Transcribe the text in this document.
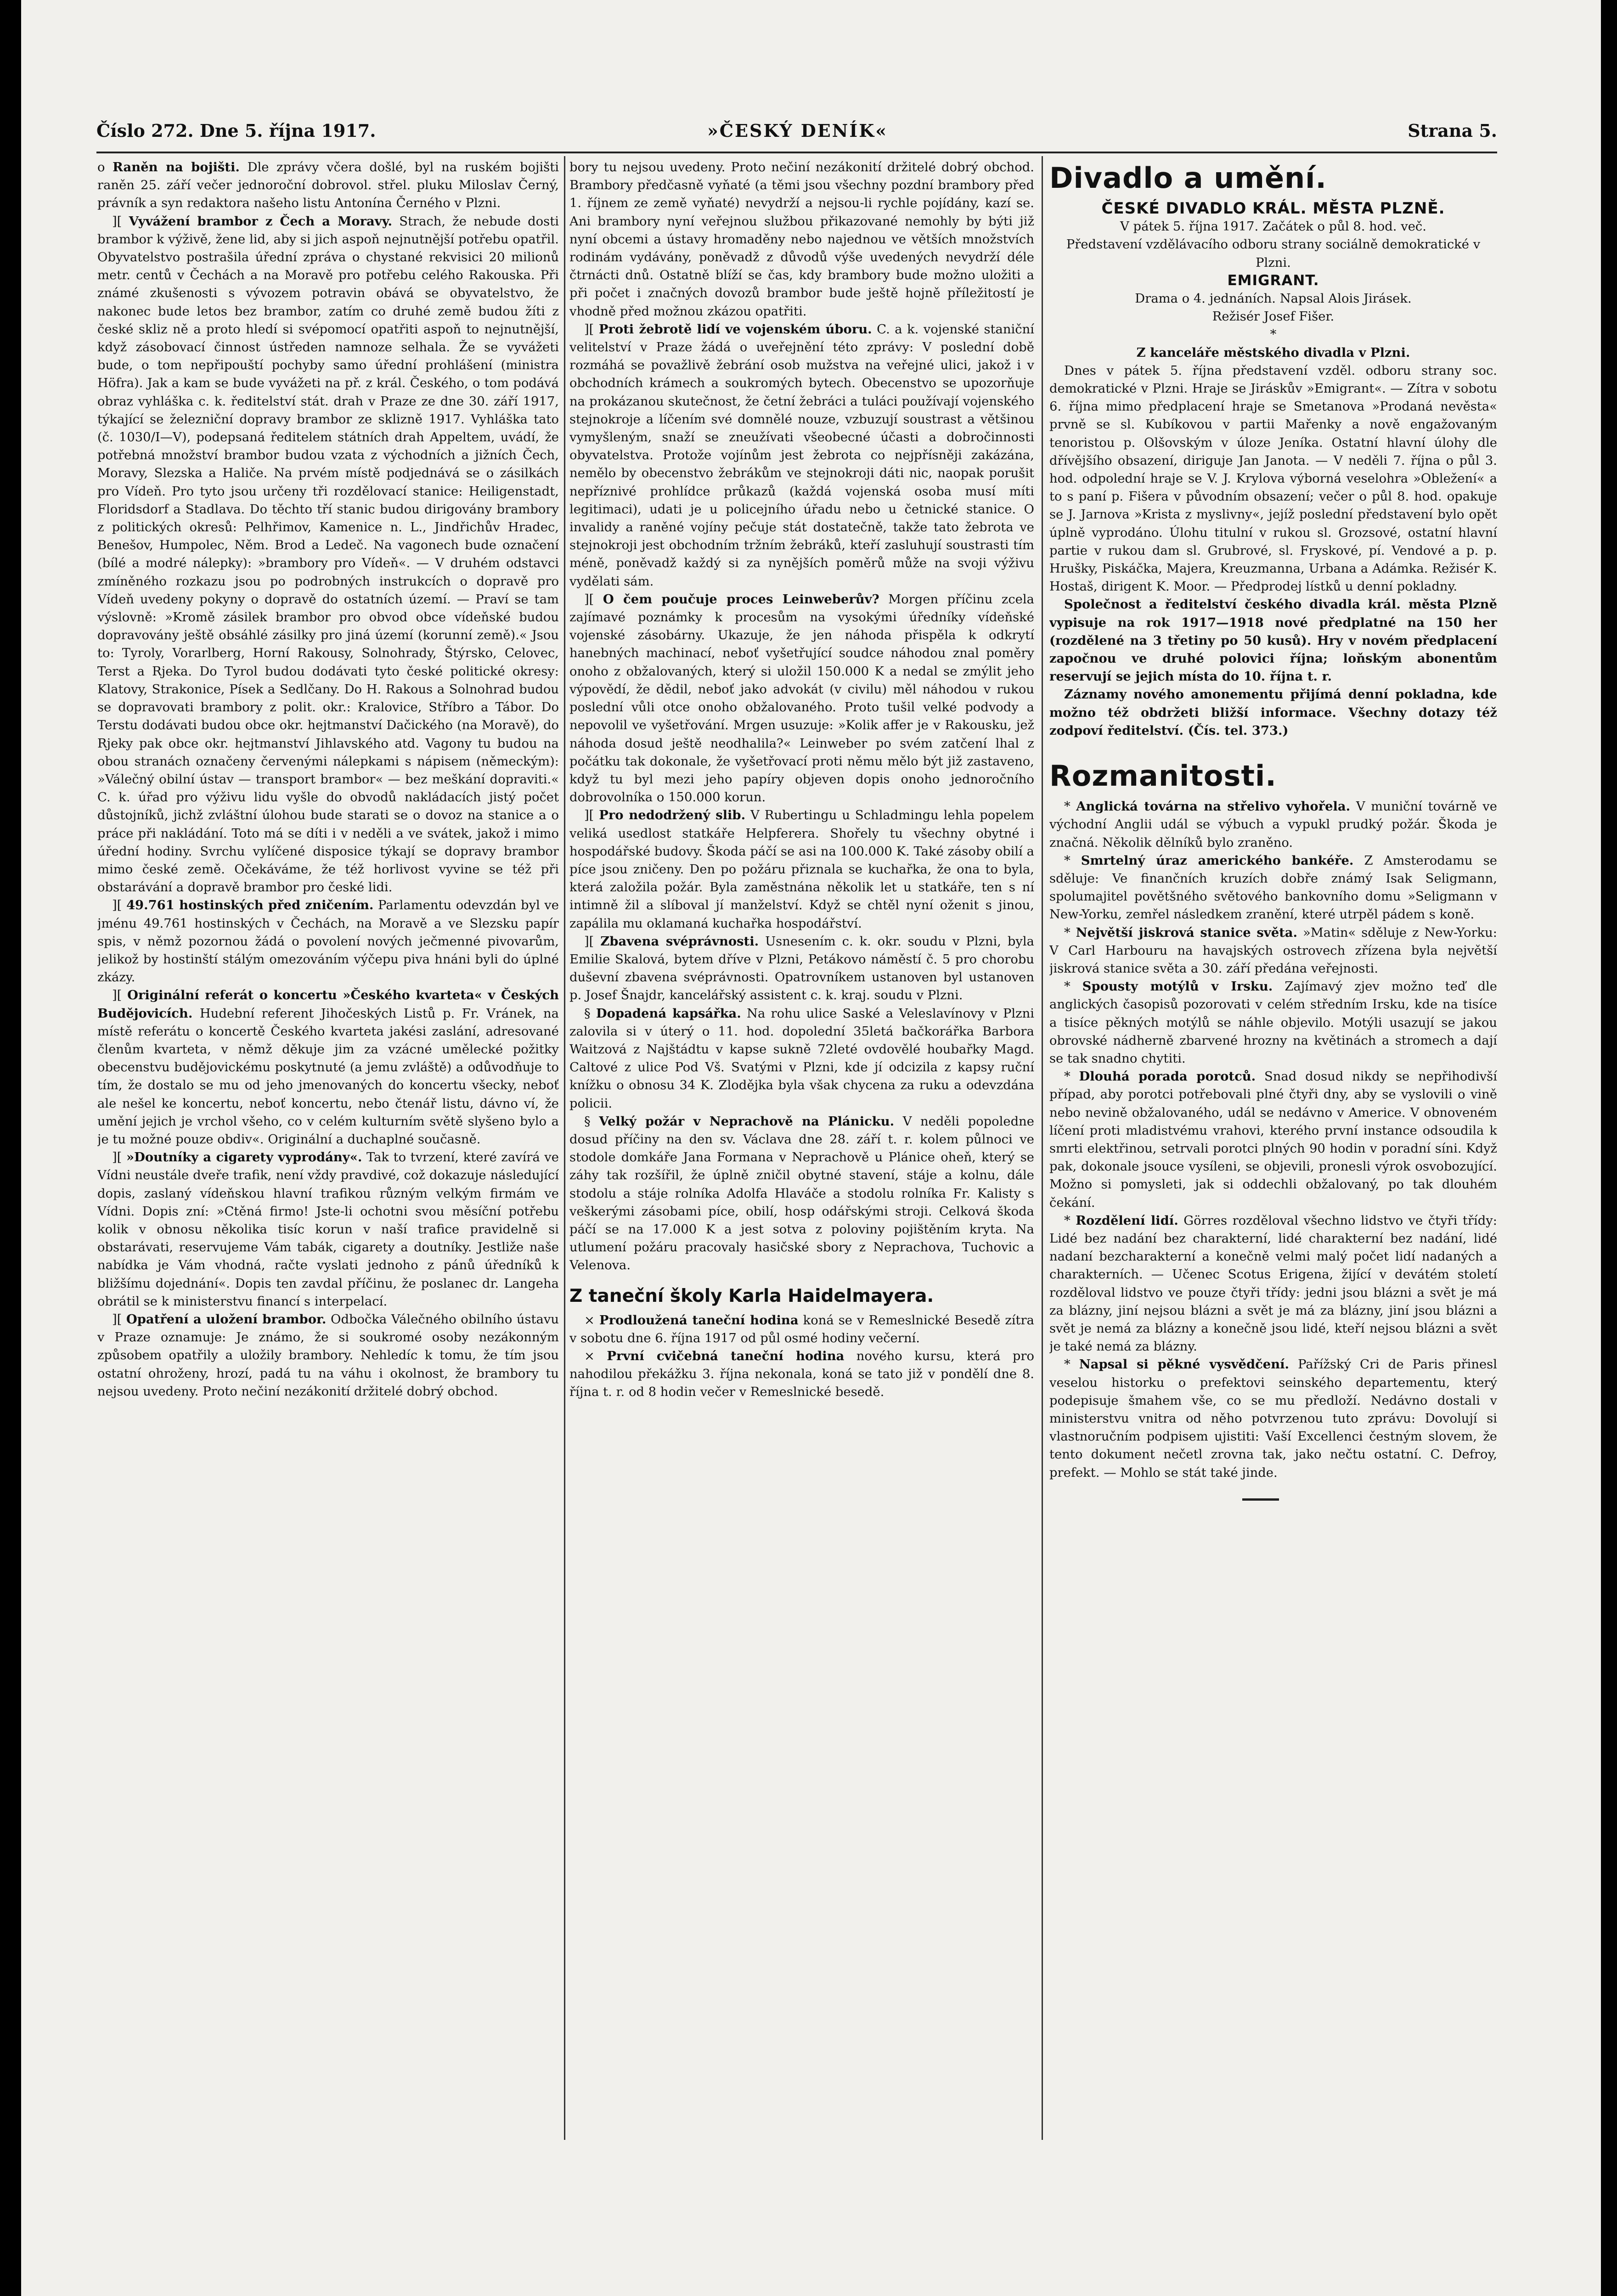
Číslo 272. Dne 5. října 1917.	»ČESKÝ DENÍK«	Strana 5.

o Raněn na bojišti. Dle zprávy včera došlé, byl na ruském bojišti raněn 25. září večer jednoroční dobrovol. střel. pluku Miloslav Černý, právník a syn redaktora našeho listu Antonína Černého v Plzni.

][ Vyvážení brambor z Čech a Moravy. Strach, že nebude dosti brambor k výživě, žene lid, aby si jich aspoň nejnutnější potřebu opatřil. Obyvatelstvo postrašila úřední zpráva o chystané rekvisici 20 milionů metr. centů v Čechách a na Moravě pro potřebu celého Rakouska. Při známé zkušenosti s vývozem potravin obává se obyvatelstvo, že nakonec bude letos bez brambor, zatím co druhé země budou žíti z české skliz ně a proto hledí si svépomocí opatřiti aspoň to nejnutnější, když zásobovací činnost ústředen namnoze selhala. Že se vyvážeti bude, o tom nepřipouští pochyby samo úřední prohlášení (ministra Höfra). Jak a kam se bude vyvážeti na př. z král. Českého, o tom podává obraz vyhláška c. k. ředitelství stát. drah v Praze ze dne 30. září 1917, týkající se železniční dopravy brambor ze sklizně 1917. Vyhláška tato (č. 1030/I—V), podepsaná ředitelem státních drah Appeltem, uvádí, že potřebná množství brambor budou vzata z východních a jižních Čech, Moravy, Slezska a Haliče. Na prvém místě podjednává se o zásilkách pro Vídeň. Pro tyto jsou určeny tři rozdělovací stanice: Heiligenstadt, Floridsdorf a Stadlava. Do těchto tří stanic budou dirigovány brambory z politických okresů: Pelhřimov, Kamenice n. L., Jindřichův Hradec, Benešov, Humpolec, Něm. Brod a Ledeč. Na vagonech bude označení (bílé a modré nálepky): »brambory pro Vídeň«. — V druhém odstavci zmíněného rozkazu jsou po podrobných instrukcích o dopravě pro Vídeň uvedeny pokyny o dopravě do ostatních území. — Praví se tam výslovně: »Kromě zásilek brambor pro obvod obce vídeňské budou dopravovány ještě obsáhlé zásilky pro jiná území (korunní země).« Jsou to: Tyroly, Vorarlberg, Horní Rakousy, Solnohrady, Štýrsko, Celovec, Terst a Rjeka. Do Tyrol budou dodávati tyto české politické okresy: Klatovy, Strakonice, Písek a Sedlčany. Do H. Rakous a Solnohrad budou se dopravovati brambory z polit. okr.: Kralovice, Stříbro a Tábor. Do Terstu dodávati budou obce okr. hejtmanství Dačického (na Moravě), do Rjeky pak obce okr. hejtmanství Jihlavského atd. Vagony tu budou na obou stranách označeny červenými nálepkami s nápisem (německým): »Válečný obilní ústav — transport brambor« — bez meškání dopraviti.« C. k. úřad pro výživu lidu vyšle do obvodů nakládacích jistý počet důstojníků, jichž zvláštní úlohou bude starati se o dovoz na stanice a o práce při nakládání. Toto má se díti i v neděli a ve svátek, jakož i mimo úřední hodiny. Svrchu vylíčené disposice týkají se dopravy brambor mimo české země. Očekáváme, že též horlivost vyvine se též při obstarávání a dopravě brambor pro české lidi.

][ 49.761 hostinských před zničením. Parlamentu odevzdán byl ve jménu 49.761 hostinských v Čechách, na Moravě a ve Slezsku papír spis, v němž pozornou žádá o povolení nových ječmenné pivovarům, jelikož by hostinští stálým omezováním výčepu piva hnáni byli do úplné zkázy.

][ Originální referát o koncertu »Českého kvarteta« v Českých Budějovicích. Hudební referent Jihočeských Listů p. Fr. Vránek, na místě referátu o koncertě Českého kvarteta jakési zaslání, adresované členům kvarteta, v němž děkuje jim za vzácné umělecké požitky obecenstvu budějovickému poskytnuté (a jemu zvláště) a odůvodňuje to tím, že dostalo se mu od jeho jmenovaných do koncertu všecky, neboť ale nešel ke koncertu, neboť koncertu, nebo čtenář listu, dávno ví, že umění jejich je vrchol všeho, co v celém kulturním světě slyšeno bylo a je tu možné pouze obdiv«. Originální a duchaplné současně.

][ »Doutníky a cigarety vyprodány«. Tak to tvrzení, které zavírá ve Vídni neustále dveře trafik, není vždy pravdivé, což dokazuje následující dopis, zaslaný vídeňskou hlavní trafikou různým velkým firmám ve Vídni. Dopis zní: »Ctěná firmo! Jste-li ochotni svou měsíční potřebu kolik v obnosu několika tisíc korun v naší trafice pravidelně si obstarávati, reservujeme Vám tabák, cigarety a doutníky. Jestliže naše nabídka je Vám vhodná, račte vyslati jednoho z pánů úředníků k bližšímu dojednání«. Dopis ten zavdal příčinu, že poslanec dr. Langeha obrátil se k ministerstvu financí s interpelací.

][ Opatření a uložení brambor. Odbočka Válečného obilního ústavu v Praze oznamuje: Je známo, že si soukromé osoby nezákonným způsobem opatřily a uložily brambory. Nehledíc k tomu, že tím jsou ostatní ohroženy, hrozí, padá tu na váhu i okolnost, že brambory tu nejsou uvedeny. Proto nečiní nezákonití držitelé dobrý obchod.

bory tu nejsou uvedeny. Proto nečiní nezákonití držitelé dobrý obchod. Brambory předčasně vyňaté (a těmi jsou všechny pozdní brambory před 1. říjnem ze země vyňaté) nevydrží a nejsou-li rychle pojídány, kazí se. Ani brambory nyní veřejnou službou přikazované nemohly by býti již nyní obcemi a ústavy hromaděny nebo najednou ve větších množstvích rodinám vydávány, poněvadž z důvodů výše uvedených nevydrží déle čtrnácti dnů. Ostatně blíží se čas, kdy brambory bude možno uložiti a při počet i značných dovozů brambor bude ještě hojně příležitostí je vhodně před možnou zkázou opatřiti.

][ Proti žebrotě lidí ve vojenském úboru. C. a k. vojenské staniční velitelství v Praze žádá o uveřejnění této zprávy: V poslední době rozmáhá se považlivě žebrání osob mužstva na veřejné ulici, jakož i v obchodních krámech a soukromých bytech. Obecenstvo se upozorňuje na prokázanou skutečnost, že četní žebráci a tuláci používají vojenského stejnokroje a líčením své domnělé nouze, vzbuzují soustrast a většinou vymyšleným, snaží se zneužívati všeobecné účasti a dobročinnosti obyvatelstva. Protože vojínům jest žebrota co nejpřísněji zakázána, nemělo by obecenstvo žebrákům ve stejnokroji dáti nic, naopak porušit nepříznivé prohlídce průkazů (každá vojenská osoba musí míti legitimaci), udati je u policejního úřadu nebo u četnické stanice. O invalidy a raněné vojíny pečuje stát dostatečně, takže tato žebrota ve stejnokroji jest obchodním tržním žebráků, kteří zasluhují soustrasti tím méně, poněvadž každý si za nynějších poměrů může na svoji výživu vydělati sám.

][ O čem poučuje proces Leinweberův? Morgen příčinu zcela zajímavé poznámky k procesům na vysokými úředníky vídeňské vojenské zásobárny. Ukazuje, že jen náhoda přispěla k odkrytí hanebných machinací, neboť vyšetřující soudce náhodou znal poměry onoho z obžalovaných, který si uložil 150.000 K a nedal se zmýlit jeho výpovědí, že dědil, neboť jako advokát (v civilu) měl náhodou v rukou poslední vůli otce onoho obžalovaného. Proto tušil velké podvody a nepovolil ve vyšetřování. Mrgen usuzuje: »Kolik affer je v Rakousku, jež náhoda dosud ještě neodhalila?« Leinweber po svém zatčení lhal z počátku tak dokonale, že vyšetřovací proti němu mělo být již zastaveno, když tu byl mezi jeho papíry objeven dopis onoho jednoročního dobrovolníka o 150.000 korun.

][ Pro nedodržený slib. V Rubertingu u Schladmingu lehla popelem veliká usedlost statkáře Helpferera. Shořely tu všechny obytné i hospodářské budovy. Škoda páčí se asi na 100.000 K. Také zásoby obilí a píce jsou zničeny. Den po požáru přiznala se kuchařka, že ona to byla, která založila požár. Byla zaměstnána několik let u statkáře, ten s ní intimně žil a slíboval jí manželství. Když se chtěl nyní oženit s jinou, zapálila mu oklamaná kuchařka hospodářství.

][ Zbavena svéprávnosti. Usnesením c. k. okr. soudu v Plzni, byla Emilie Skalová, bytem dříve v Plzni, Petákovo náměstí č. 5 pro chorobu duševní zbavena svéprávnosti. Opatrovníkem ustanoven byl ustanoven p. Josef Šnajdr, kancelářský assistent c. k. kraj. soudu v Plzni.

§ Dopadená kapsářka. Na rohu ulice Saské a Veleslavínovy v Plzni zalovila si v úterý o 11. hod. dopolední 35letá bačkorářka Barbora Waitzová z Najštádtu v kapse sukně 72leté ovdovělé houbařky Magd. Caltové z ulice Pod Vš. Svatými v Plzni, kde jí odcizila z kapsy ruční knížku o obnosu 34 K. Zlodějka byla však chycena za ruku a odevzdána policii.

§ Velký požár v Neprachově na Plánicku. V neděli popoledne dosud příčiny na den sv. Václava dne 28. září t. r. kolem půlnoci ve stodole domkáře Jana Formana v Neprachově u Plánice oheň, který se záhy tak rozšířil, že úplně zničil obytné stavení, stáje a kolnu, dále stodolu a stáje rolníka Adolfa Hlaváče a stodolu rolníka Fr. Kalisty s veškerými zásobami píce, obilí, hosp odářskými stroji. Celková škoda páčí se na 17.000 K a jest sotva z poloviny pojištěním kryta. Na utlumení požáru pracovaly hasičské sbory z Neprachova, Tuchovic a Velenova.

Z taneční školy Karla Haidelmayera.

× Prodloužená taneční hodina koná se v Remeslnické Besedě zítra v sobotu dne 6. října 1917 od půl osmé hodiny večerní.

× První cvičebná taneční hodina nového kursu, která pro nahodilou překážku 3. října nekonala, koná se tato již v pondělí dne 8. října t. r. od 8 hodin večer v Remeslnické besedě.

Divadlo a umění.

ČESKÉ DIVADLO KRÁL. MĚSTA PLZNĚ.

V pátek 5. října 1917. Začátek o půl 8. hod. več.

Představení vzdělávacího odboru strany sociálně demokratické v Plzni.

EMIGRANT.

Drama o 4. jednáních. Napsal Alois Jirásek.

Režisér Josef Fišer.

*

Z kanceláře městského divadla v Plzni.

Dnes v pátek 5. října představení vzděl. odboru strany soc. demokratické v Plzni. Hraje se Jiráskův »Emigrant«. — Zítra v sobotu 6. října mimo předplacení hraje se Smetanova »Prodaná nevěsta« prvně se sl. Kubíkovou v partii Mařenky a nově engažovaným tenoristou p. Olšovským v úloze Jeníka. Ostatní hlavní úlohy dle dřívějšího obsazení, diriguje Jan Janota. — V neděli 7. října o půl 3. hod. odpolední hraje se V. J. Krylova výborná veselohra »Obležení« a to s paní p. Fišera v původním obsazení; večer o půl 8. hod. opakuje se J. Jarnova »Krista z myslivny«, jejíž poslední představení bylo opět úplně vyprodáno. Úlohu titulní v rukou sl. Grozsové, ostatní hlavní partie v rukou dam sl. Grubrové, sl. Fryskové, pí. Vendové a p. p. Hrušky, Piskáčka, Majera, Kreuzmanna, Urbana a Adámka. Režisér K. Hostaš, dirigent K. Moor. — Předprodej lístků u denní pokladny.

Společnost a ředitelství českého divadla král. města Plzně vypisuje na rok 1917—1918 nové předplatné na 150 her (rozdělené na 3 třetiny po 50 kusů). Hry v novém předplacení započnou ve druhé polovici října; loňským abonentům reservují se jejich místa do 10. října t. r.

Záznamy nového amonementu přijímá denní pokladna, kde možno též obdržeti bližší informace. Všechny dotazy též zodpoví ředitelství. (Čís. tel. 373.)

Rozmanitosti.

* Anglická továrna na střelivo vyhořela. V muniční továrně ve východní Anglii udál se výbuch a vypukl prudký požár. Škoda je značná. Několik dělníků bylo zraněno.

* Smrtelný úraz amerického bankéře. Z Amsterodamu se sděluje: Ve finančních kruzích dobře známý Isak Seligmann, spolumajitel povětšného světového bankovního domu »Seligmann v New-Yorku, zemřel následkem zranění, které utrpěl pádem s koně.

* Největší jiskrová stanice světa. »Matin« sděluje z New-Yorku: V Carl Harbouru na havajských ostrovech zřízena byla největší jiskrová stanice světa a 30. září předána veřejnosti.

* Spousty motýlů v Irsku. Zajímavý zjev možno teď dle anglických časopisů pozorovati v celém středním Irsku, kde na tisíce a tisíce pěkných motýlů se náhle objevilo. Motýli usazují se jakou obrovské nádherně zbarvené hrozny na květinách a stromech a dají se tak snadno chytiti.

* Dlouhá porada porotců. Snad dosud nikdy se nepřihodivší případ, aby porotci potřebovali plné čtyři dny, aby se vyslovili o vině nebo nevině obžalovaného, udál se nedávno v Americe. V obnoveném líčení proti mladistvému vrahovi, kterého první instance odsoudila k smrti elektřinou, setrvali porotci plných 90 hodin v poradní síni. Když pak, dokonale jsouce vysíleni, se objevili, pronesli výrok osvobozující. Možno si pomysleti, jak si oddechli obžalovaný, po tak dlouhém čekání.

* Rozdělení lidí. Görres rozděloval všechno lidstvo ve čtyři třídy: Lidé bez nadání bez charakterní, lidé charakterní bez nadání, lidé nadaní bezcharakterní a konečně velmi malý počet lidí nadaných a charakterních. — Učenec Scotus Erigena, žijící v devátém století rozděloval lidstvo ve pouze čtyři třídy: jedni jsou blázni a svět je má za blázny, jiní nejsou blázni a svět je má za blázny, jiní jsou blázni a svět je nemá za blázny a konečně jsou lidé, kteří nejsou blázni a svět je také nemá za blázny.

* Napsal si pěkné vysvědčení. Pařížský Cri de Paris přinesl veselou historku o prefektovi seinského departementu, který podepisuje šmahem vše, co se mu předloží. Nedávno dostali v ministerstvu vnitra od něho potvrzenou tuto zprávu: Dovolují si vlastnoručním podpisem ujistiti: Vaší Excellenci čestným slovem, že tento dokument nečetl zrovna tak, jako nečtu ostatní. C. Defroy, prefekt. — Mohlo se stát také jinde.
